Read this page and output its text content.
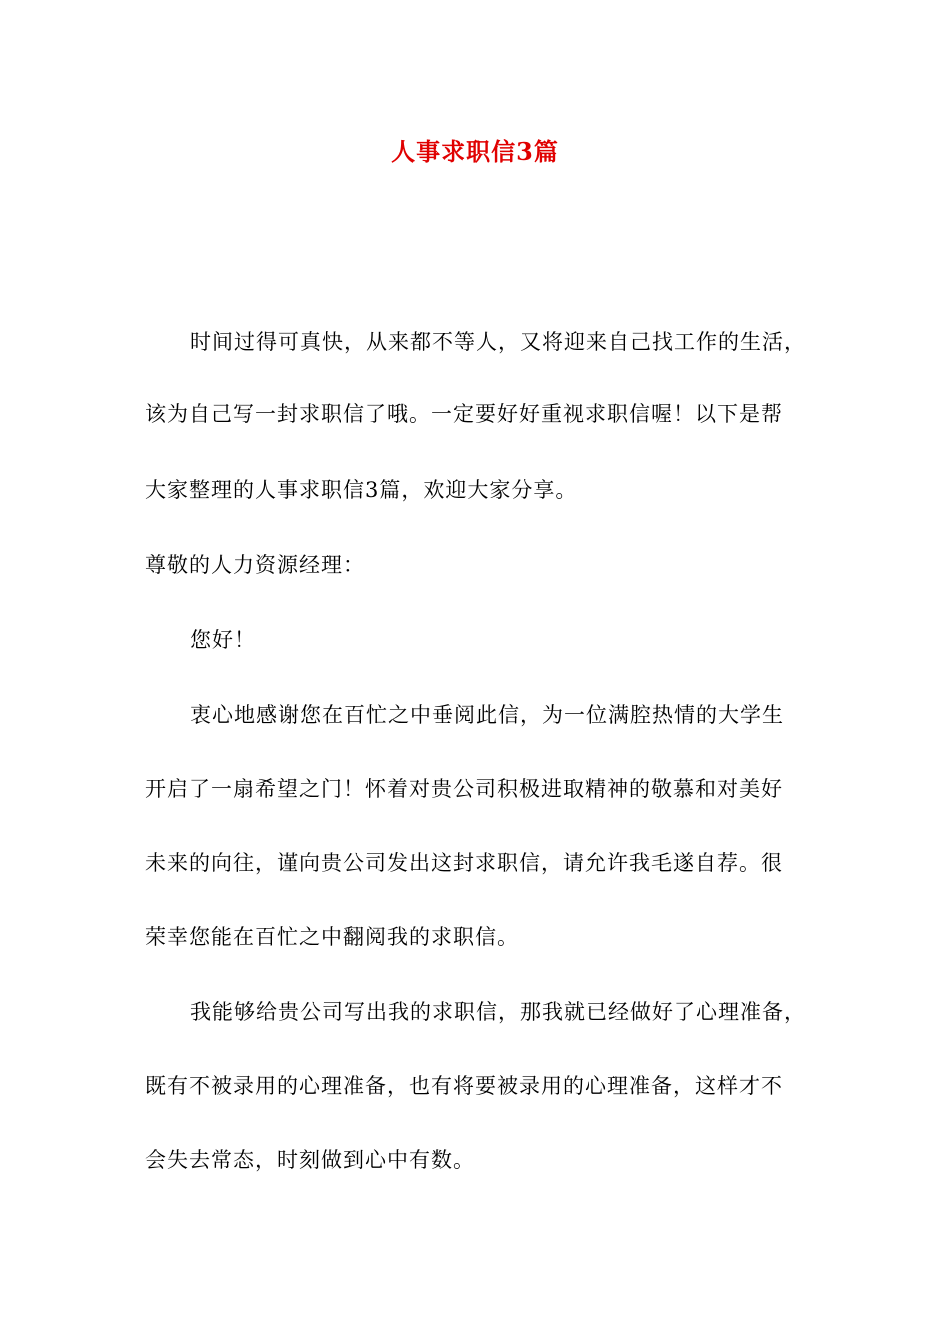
人事求职信3篇
时间过得可真快，从来都不等人，又将迎来自己找工作的生活，
该为自己写一封求职信了哦。一定要好好重视求职信喔！以下是帮
大家整理的人事求职信3篇，欢迎大家分享。
尊敬的人力资源经理：
您好！
衷心地感谢您在百忙之中垂阅此信，为一位满腔热情的大学生
开启了一扇希望之门！怀着对贵公司积极进取精神的敬慕和对美好
未来的向往，谨向贵公司发出这封求职信，请允许我毛遂自荐。很
荣幸您能在百忙之中翻阅我的求职信。
我能够给贵公司写出我的求职信，那我就已经做好了心理准备，
既有不被录用的心理准备，也有将要被录用的心理准备，这样才不
会失去常态，时刻做到心中有数。
